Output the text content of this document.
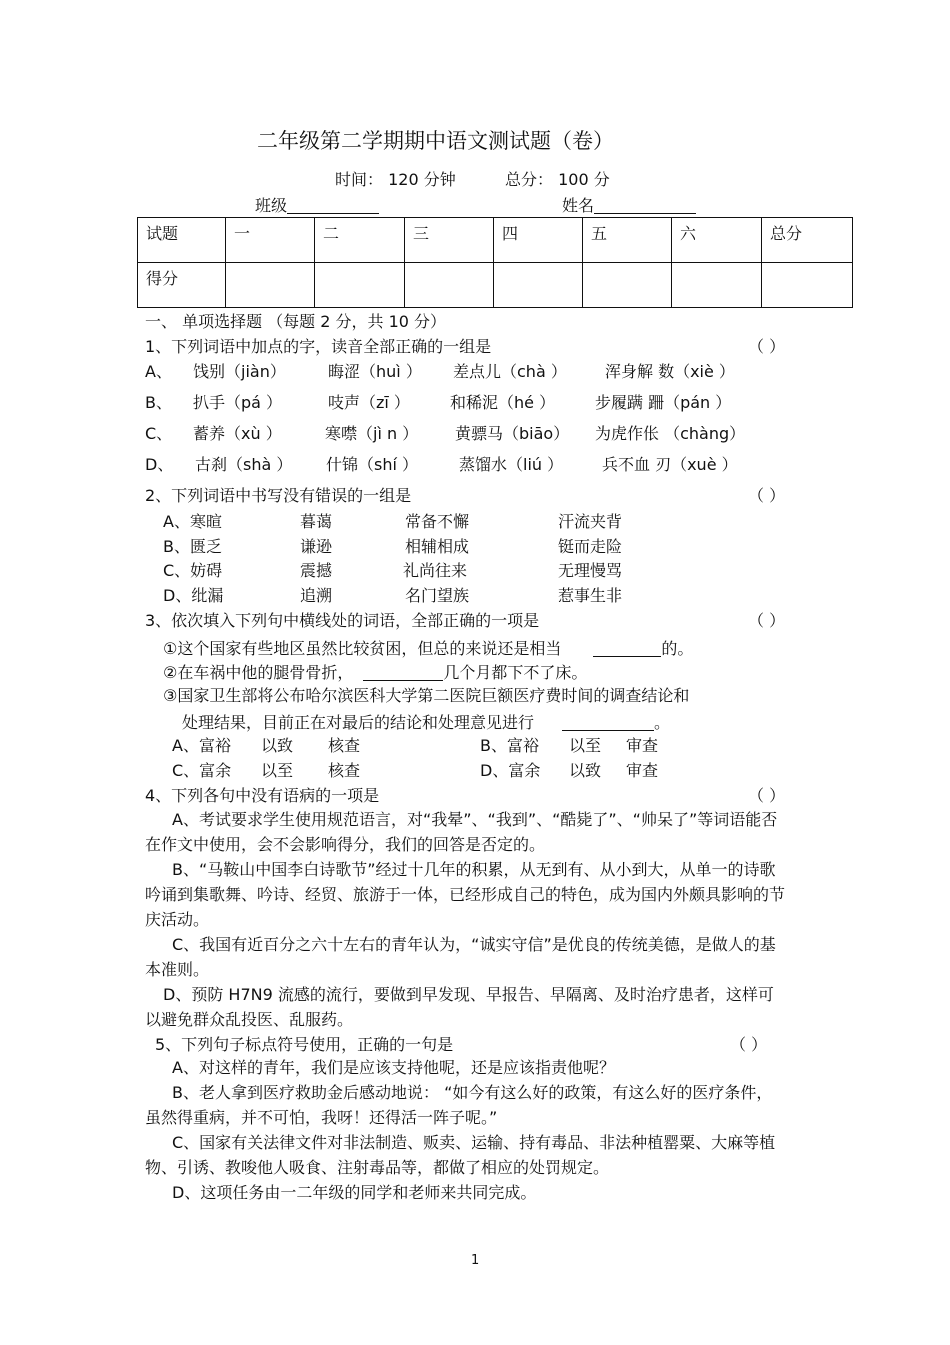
二年级第二学期期中语文测试题（卷）
时间： 120 分钟	总分： 100 分
班级	姓名
试题	一	二	三	四	五	六	总分
得分							
一、 单项选择题 （每题 2 分，共 10 分）
1、下列词语中加点的字，读音全部正确的一组是	（ ）
A、 饯别（jiàn）	晦涩（huì ） 差点儿（chà ） 浑身解 数（xiè ）
B、 扒手（pá ）	吱声（zī ）	和稀泥（hé ） 步履蹒 跚（pán ）
C、 蓄养（xù ）	寒噤（jì n ） 黄骠马（biāo） 为虎作伥 （chàng）
D、 古刹（shà ） 什锦（shí ）	蒸馏水（liú ） 兵不血 刃（xuè ）
2、下列词语中书写没有错误的一组是	（ ）
A、寒暄	暮蔼	常备不懈	汗流夹背
B、匮乏	谦逊	相辅相成	铤而走险
C、妨碍	震撼	礼尚往来	无理慢骂
D、纰漏	追溯	名门望族	惹事生非
3、依次填入下列句中横线处的词语，全部正确的一项是	（ ）
①这个国家有些地区虽然比较贫困，但总的来说还是相当	的。
②在车祸中他的腿骨骨折，	几个月都下不了床。
③国家卫生部将公布哈尔滨医科大学第二医院巨额医疗费时间的调查结论和
处理结果，目前正在对最后的结论和处理意见进行	。
A、富裕 以致 核查	B、富裕 以至 审查
C、富余 以至 核查	D、富余 以致 审查
4、下列各句中没有语病的一项是	（ ）
A、考试要求学生使用规范语言，对“我晕”、“我到”、“酷毙了”、“帅呆了”等词语能否在作文中使用，会不会影响得分，我们的回答是否定的。
B、“马鞍山中国李白诗歌节”经过十几年的积累，从无到有、从小到大，从单一的诗歌吟诵到集歌舞、吟诗、经贸、旅游于一体，已经形成自己的特色，成为国内外颇具影响的节庆活动。
C、我国有近百分之六十左右的青年认为，“诚实守信”是优良的传统美德，是做人的基本准则。
D、预防 H7N9 流感的流行，要做到早发现、早报告、早隔离、及时治疗患者，这样可以避免群众乱投医、乱服药。
5、下列句子标点符号使用，正确的一句是	（ ）
A、对这样的青年，我们是应该支持他呢，还是应该指责他呢？
B、老人拿到医疗救助金后感动地说： “如今有这么好的政策，有这么好的医疗条件，虽然得重病，并不可怕，我呀！还得活一阵子呢。”
C、国家有关法律文件对非法制造、贩卖、运输、持有毒品、非法种植罂粟、大麻等植物、引诱、教唆他人吸食、注射毒品等，都做了相应的处罚规定。
D、这项任务由一二年级的同学和老师来共同完成。
1
